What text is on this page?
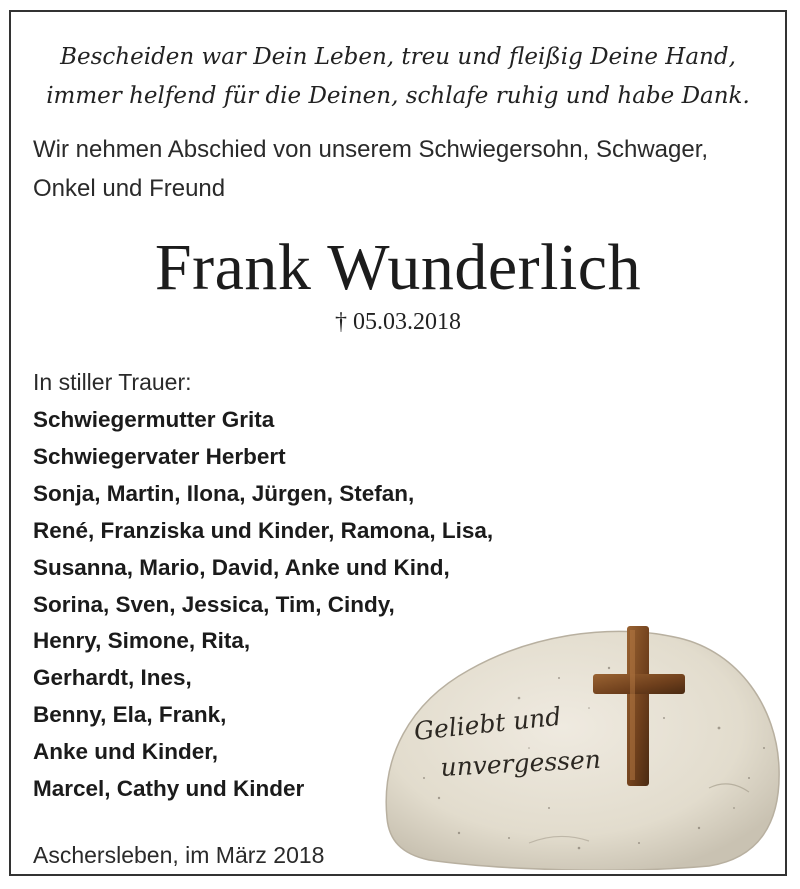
Bescheiden war Dein Leben, treu und fleißig Deine Hand,
immer helfend für die Deinen, schlafe ruhig und habe Dank.
Wir nehmen Abschied von unserem Schwiegersohn, Schwager, Onkel und Freund
Frank Wunderlich
† 05.03.2018
In stiller Trauer:
Schwiegermutter Grita
Schwiegervater Herbert
Sonja, Martin, Ilona, Jürgen, Stefan,
René, Franziska und Kinder, Ramona, Lisa,
Susanna, Mario, David, Anke und Kind,
Sorina, Sven, Jessica, Tim, Cindy,
Henry, Simone, Rita,
Gerhardt, Ines,
Benny, Ela, Frank,
Anke und Kinder,
Marcel, Cathy und Kinder
Geliebt und
unvergessen
Aschersleben, im März 2018
